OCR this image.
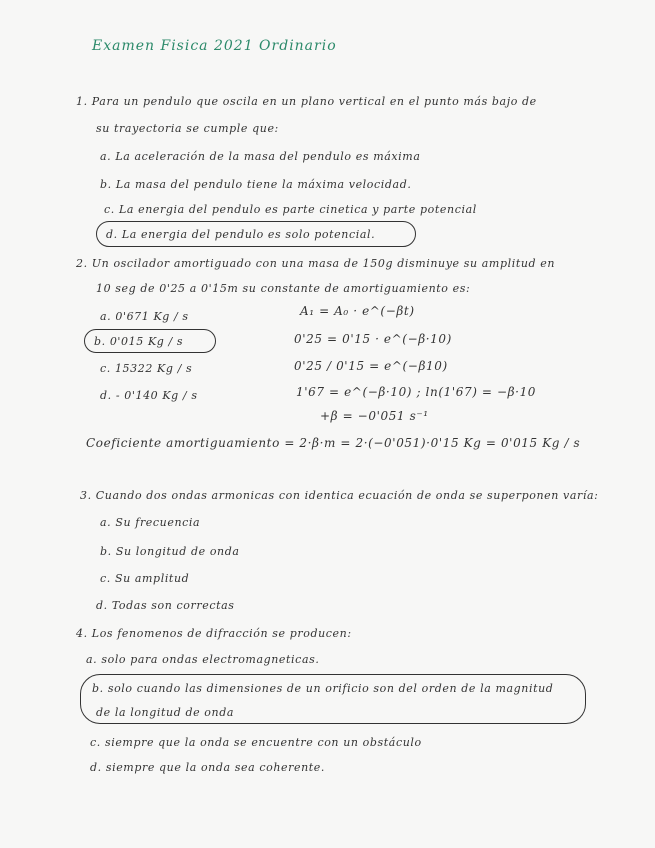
Examen Fisica 2021 Ordinario
1. Para un pendulo que oscila en un plano vertical en el punto más bajo de
su trayectoria se cumple que:
a. La aceleración de la masa del pendulo es máxima
b. La masa del pendulo tiene la máxima velocidad.
c. La energia del pendulo es parte cinetica y parte potencial
d. La energia del pendulo es solo potencial.
2. Un oscilador amortiguado con una masa de 150g disminuye su amplitud en
10 seg de 0'25 a 0'15m su constante de amortiguamiento es:
a. 0'671 Kg / s
b. 0'015 Kg / s
c. 15322 Kg / s
d. - 0'140 Kg / s
A₁ = A₀ · e^(−βt)
0'25 = 0'15 · e^(−β·10)
0'25 / 0'15 = e^(−β10)
1'67 = e^(−β·10) ; ln(1'67) = −β·10
+β = −0'051 s⁻¹
Coeficiente amortiguamiento = 2·β·m = 2·(−0'051)·0'15 Kg = 0'015 Kg / s
3. Cuando dos ondas armonicas con identica ecuación de onda se superponen varía:
a. Su frecuencia
b. Su longitud de onda
c. Su amplitud
d. Todas son correctas
4. Los fenomenos de difracción se producen:
a. solo para ondas electromagneticas.
b. solo cuando las dimensiones de un orificio son del orden de la magnitud
de la longitud de onda
c. siempre que la onda se encuentre con un obstáculo
d. siempre que la onda sea coherente.
